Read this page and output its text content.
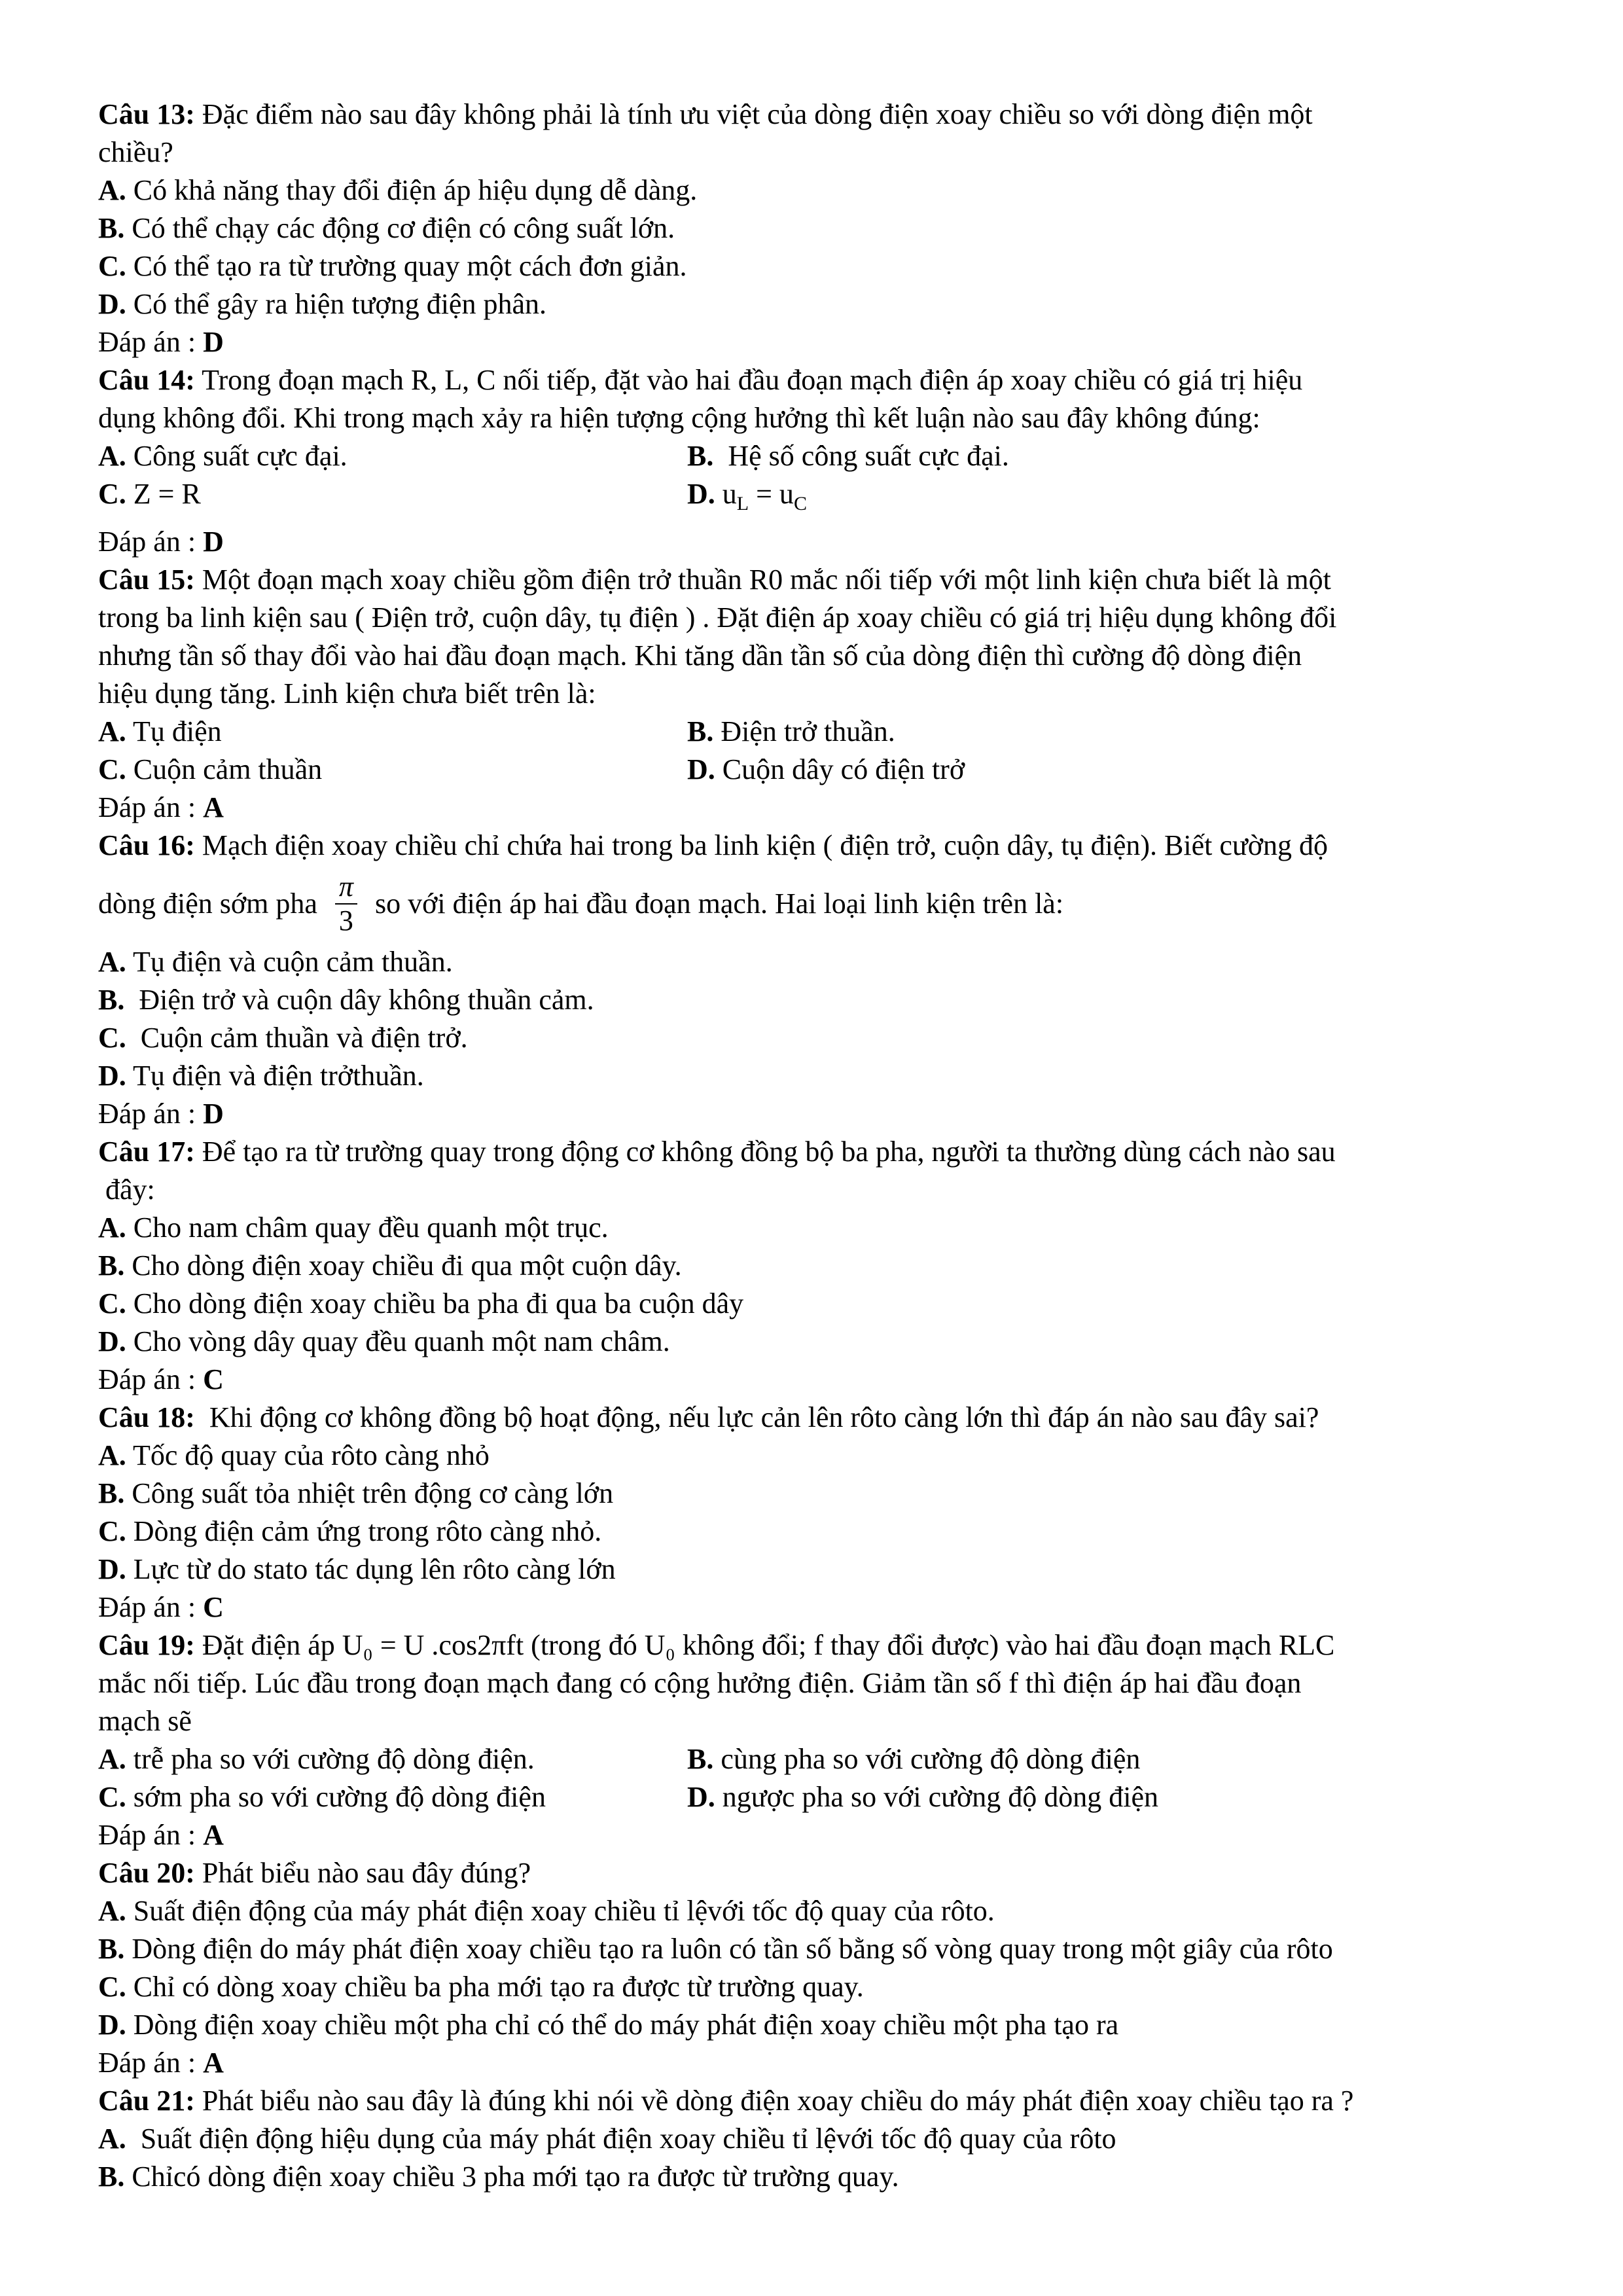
Câu 13: Đặc điểm nào sau đây không phải là tính ưu việt của dòng điện xoay chiều so với dòng điện một
chiều?
A. Có khả năng thay đổi điện áp hiệu dụng dễ dàng.
B. Có thể chạy các động cơ điện có công suất lớn.
C. Có thể tạo ra từ trường quay một cách đơn giản.
D. Có thể gây ra hiện tượng điện phân.
Đáp án : D
Câu 14: Trong đoạn mạch R, L, C nối tiếp, đặt vào hai đầu đoạn mạch điện áp xoay chiều có giá trị hiệu
dụng không đổi. Khi trong mạch xảy ra hiện tượng cộng hưởng thì kết luận nào sau đây không đúng:
A. Công suất cực đại.	B.  Hệ số công suất cực đại.
C. Z = R	D. $u_L = u_C$
Đáp án : D
Câu 15: Một đoạn mạch xoay chiều gồm điện trở thuần R0 mắc nối tiếp với một linh kiện chưa biết là một
trong ba linh kiện sau ( Điện trở, cuộn dây, tụ điện ) . Đặt điện áp xoay chiều có giá trị hiệu dụng không đổi
nhưng tần số thay đổi vào hai đầu đoạn mạch. Khi tăng dần tần số của dòng điện thì cường độ dòng điện
hiệu dụng tăng. Linh kiện chưa biết trên là:
A. Tụ điện	B. Điện trở thuần.
C. Cuộn cảm thuần	D. Cuộn dây có điện trở
Đáp án : A
Câu 16: Mạch điện xoay chiều chỉ chứa hai trong ba linh kiện ( điện trở, cuộn dây, tụ điện). Biết cường độ
dòng điện sớm pha $\frac{\pi}{3}$ so với điện áp hai đầu đoạn mạch. Hai loại linh kiện trên là:
A. Tụ điện và cuộn cảm thuần.
B.  Điện trở và cuộn dây không thuần cảm.
C.  Cuộn cảm thuần và điện trở.
D. Tụ điện và điện trởthuần.
Đáp án : D
Câu 17: Để tạo ra từ trường quay trong động cơ không đồng bộ ba pha, người ta thường dùng cách nào sau
đây:
A. Cho nam châm quay đều quanh một trục.
B. Cho dòng điện xoay chiều đi qua một cuộn dây.
C. Cho dòng điện xoay chiều ba pha đi qua ba cuộn dây
D. Cho vòng dây quay đều quanh một nam châm.
Đáp án : C
Câu 18:  Khi động cơ không đồng bộ hoạt động, nếu lực cản lên rôto càng lớn thì đáp án nào sau đây sai?
A. Tốc độ quay của rôto càng nhỏ
B. Công suất tỏa nhiệt trên động cơ càng lớn
C. Dòng điện cảm ứng trong rôto càng nhỏ.
D. Lực từ do stato tác dụng lên rôto càng lớn
Đáp án : C
Câu 19: Đặt điện áp U₀ = U .cos2πft (trong đó U₀ không đổi; f thay đổi được) vào hai đầu đoạn mạch RLC
mắc nối tiếp. Lúc đầu trong đoạn mạch đang có cộng hưởng điện. Giảm tần số f thì điện áp hai đầu đoạn
mạch sẽ
A. trễ pha so với cường độ dòng điện.	B. cùng pha so với cường độ dòng điện
C. sớm pha so với cường độ dòng điện	D. ngược pha so với cường độ dòng điện
Đáp án : A
Câu 20: Phát biểu nào sau đây đúng?
A. Suất điện động của máy phát điện xoay chiều tỉ lệvới tốc độ quay của rôto.
B. Dòng điện do máy phát điện xoay chiều tạo ra luôn có tần số bằng số vòng quay trong một giây của rôto
C. Chỉ có dòng xoay chiều ba pha mới tạo ra được từ trường quay.
D. Dòng điện xoay chiều một pha chỉ có thể do máy phát điện xoay chiều một pha tạo ra
Đáp án : A
Câu 21: Phát biểu nào sau đây là đúng khi nói về dòng điện xoay chiều do máy phát điện xoay chiều tạo ra ?
A.  Suất điện động hiệu dụng của máy phát điện xoay chiều tỉ lệvới tốc độ quay của rôto
B. Chỉcó dòng điện xoay chiều 3 pha mới tạo ra được từ trường quay.
